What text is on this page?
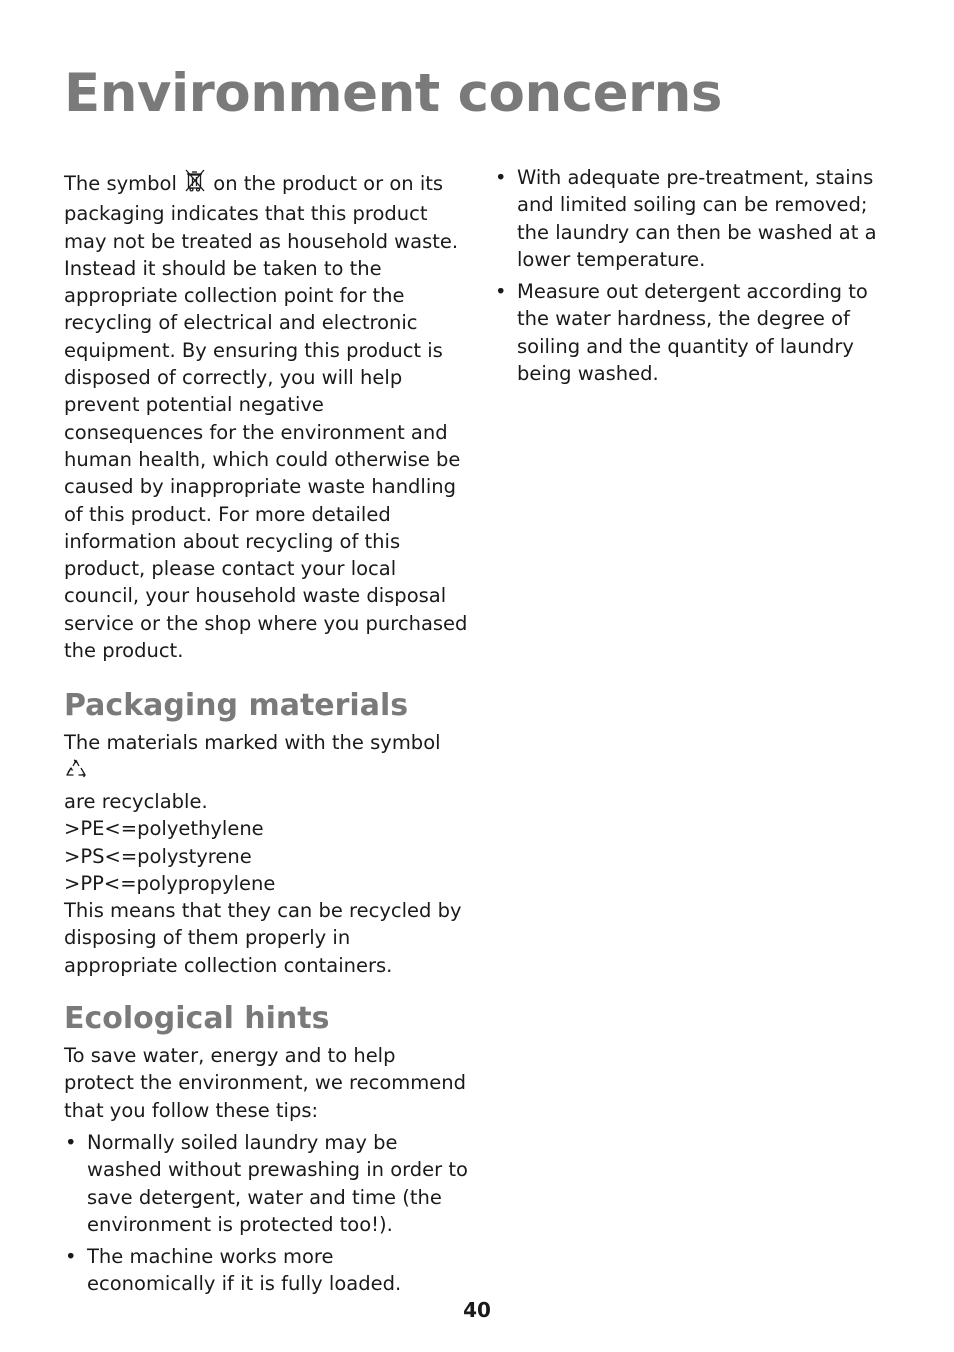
Environment concerns

The symbol  on the product or on its packaging indicates that this product may not be treated as household waste. Instead it should be taken to the appropriate collection point for the recycling of electrical and electronic equipment. By ensuring this product is disposed of correctly, you will help prevent potential negative consequences for the environment and human health, which could otherwise be caused by inappropriate waste handling of this product. For more detailed information about recycling of this product, please contact your local council, your household waste disposal service or the shop where you purchased the product.

Packaging materials

The materials marked with the symbol
are recyclable.
>PE<=polyethylene
>PS<=polystyrene
>PP<=polypropylene
This means that they can be recycled by disposing of them properly in appropriate collection containers.

Ecological hints

To save water, energy and to help protect the environment, we recommend that you follow these tips:

• Normally soiled laundry may be washed without prewashing in order to save detergent, water and time (the environment is protected too!).
• The machine works more economically if it is fully loaded.
• With adequate pre-treatment, stains and limited soiling can be removed; the laundry can then be washed at a lower temperature.
• Measure out detergent according to the water hardness, the degree of soiling and the quantity of laundry being washed.
40
